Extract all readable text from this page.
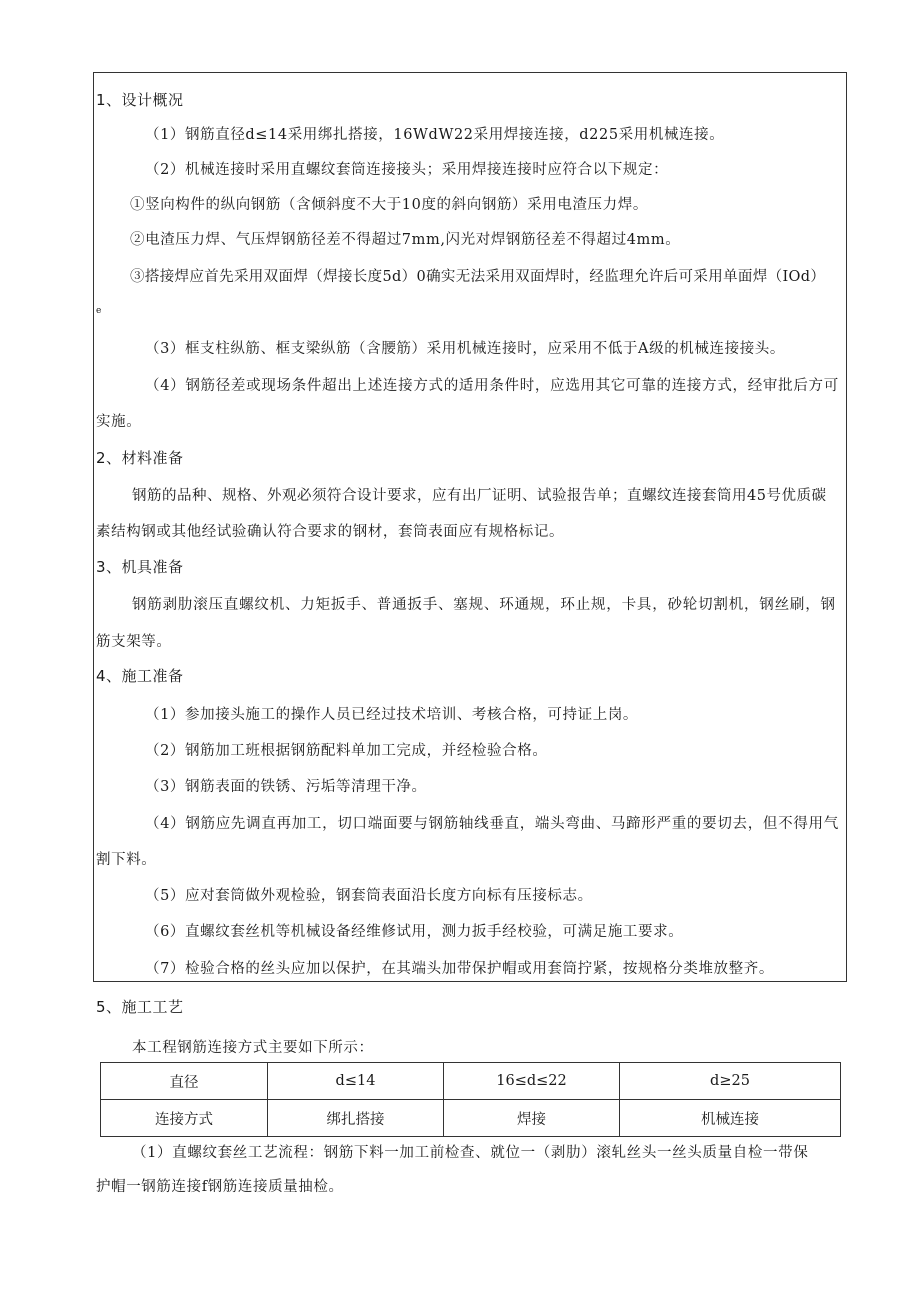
1、设计概况
（1）钢筋直径d≤14采用绑扎搭接，16WdW22采用焊接连接，d225采用机械连接。
（2）机械连接时采用直螺纹套筒连接接头；采用焊接连接时应符合以下规定：
①竖向构件的纵向钢筋（含倾斜度不大于10度的斜向钢筋）采用电渣压力焊。
②电渣压力焊、气压焊钢筋径差不得超过7mm,闪光对焊钢筋径差不得超过4mm。
③搭接焊应首先采用双面焊（焊接长度5d）0确实无法采用双面焊时，经监理允许后可采用单面焊（IOd）
e
（3）框支柱纵筋、框支梁纵筋（含腰筋）采用机械连接时，应采用不低于A级的机械连接接头。
（4）钢筋径差或现场条件超出上述连接方式的适用条件时，应选用其它可靠的连接方式，经审批后方可
实施。
2、材料准备
钢筋的品种、规格、外观必须符合设计要求，应有出厂证明、试验报告单；直螺纹连接套筒用45号优质碳
素结构钢或其他经试验确认符合要求的钢材，套筒表面应有规格标记。
3、机具准备
钢筋剥肋滚压直螺纹机、力矩扳手、普通扳手、塞规、环通规，环止规，卡具，砂轮切割机，钢丝刷，钢
筋支架等。
4、施工准备
（1）参加接头施工的操作人员已经过技术培训、考核合格，可持证上岗。
（2）钢筋加工班根据钢筋配料单加工完成，并经检验合格。
（3）钢筋表面的铁锈、污垢等清理干净。
（4）钢筋应先调直再加工，切口端面要与钢筋轴线垂直，端头弯曲、马蹄形严重的要切去，但不得用气
割下料。
（5）应对套筒做外观检验，钢套筒表面沿长度方向标有压接标志。
（6）直螺纹套丝机等机械设备经维修试用，测力扳手经校验，可满足施工要求。
（7）检验合格的丝头应加以保护，在其端头加带保护帽或用套筒拧紧，按规格分类堆放整齐。
5、施工工艺
本工程钢筋连接方式主要如下所示：
直径	d≤14	16≤d≤22	d≥25
连接方式	绑扎搭接	焊接	机械连接
（1）直螺纹套丝工艺流程：钢筋下料一加工前检查、就位一（剥肋）滚轧丝头一丝头质量自检一带保
护帽一钢筋连接f钢筋连接质量抽检。
